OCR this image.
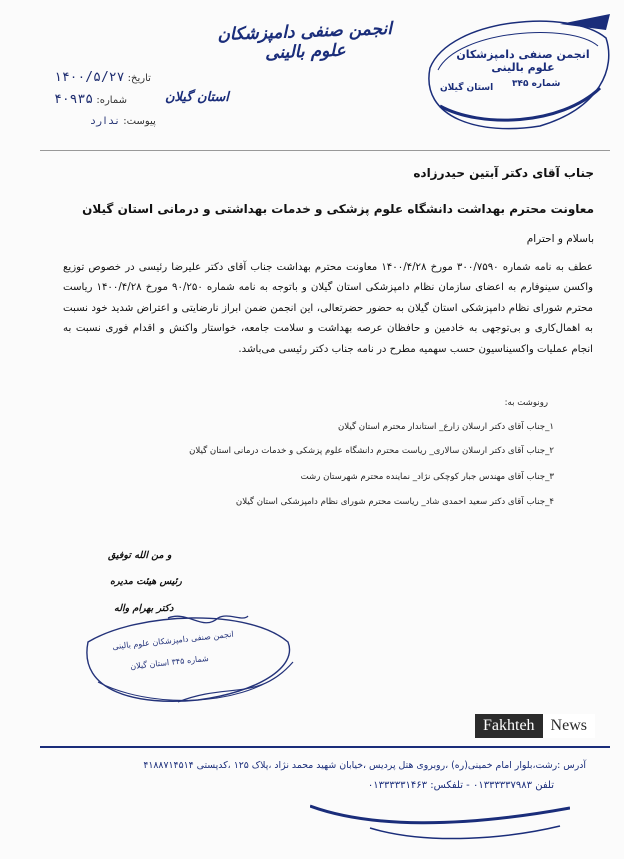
تاریخ: ۱۴۰۰/۵/۲۷
شماره: ۴۰۹۳۵
پیوست: ندارد
انجمن صنفی دامپزشکان علوم بالینی
استان گیلان
انجمن صنفی دامپزشکان علوم بالینی
شماره ۳۴۵
استان گیلان
جناب آقای دکتر آبتین حیدرزاده
معاونت محترم بهداشت دانشگاه علوم پزشکی و خدمات بهداشتی و درمانی استان گیلان
باسلام و احترام
عطف به نامه شماره ۳۰۰/۷۵۹۰ مورخ ۱۴۰۰/۴/۲۸ معاونت محترم بهداشت جناب آقای دکتر علیرضا رئیسی در خصوص توزیع واکسن سینوفارم به اعضای سازمان نظام دامپزشکی استان گیلان و باتوجه به نامه شماره ۹۰/۲۵۰ مورخ ۱۴۰۰/۴/۲۸ ریاست محترم شورای نظام دامپزشکی استان گیلان به حضور حضرتعالی، این انجمن ضمن ابراز نارضایتی و اعتراض شدید خود نسبت به اهمال‌کاری و بی‌توجهی به خادمین و حافظان عرصه بهداشت و سلامت جامعه، خواستار واکنش و اقدام فوری نسبت به انجام عملیات واکسیناسیون حسب سهمیه مطرح در نامه جناب دکتر رئیسی می‌باشد.
رونوشت به:
۱_جناب آقای دکتر ارسلان زارع_ استاندار محترم استان گیلان
۲_جناب آقای دکتر ارسلان سالاری_ ریاست محترم دانشگاه علوم پزشکی و خدمات درمانی استان گیلان
۳_جناب آقای مهندس جبار کوچکی نژاد_ نماینده محترم شهرستان رشت
۴_جناب آقای دکتر سعید احمدی شاد_ ریاست محترم شورای نظام دامپزشکی استان گیلان
و من الله توفیق
رئیس هیئت مدیره
دکتر بهرام واله
انجمن صنفی دامپزشکان علوم بالینی
شماره ۳۴۵ استان گیلان
Fakhteh	News
آدرس :رشت،بلوار امام خمینی(ره) ،روبروی هتل پردیس ،خیابان شهید محمد نژاد ،پلاک ۱۲۵ ،کدپستی ۴۱۸۸۷۱۴۵۱۴
تلفن ۰۱۳۳۳۳۳۷۹۸۳ - تلفکس: ۰۱۳۳۳۳۳۱۴۶۳
